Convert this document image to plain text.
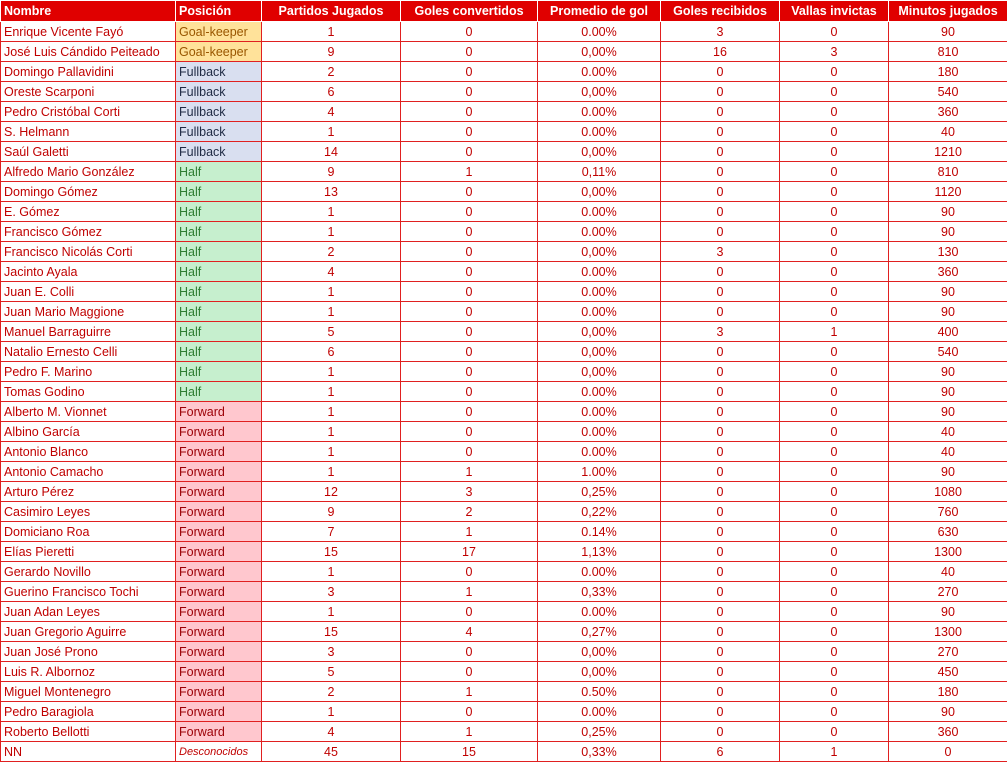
Nombre	Posición	Partidos Jugados	Goles convertidos	Promedio de gol	Goles recibidos	Vallas invictas	Minutos jugados
Enrique Vicente Fayó	Goal-keeper	1	0	0.00%	3	0	90
José Luis Cándido Peiteado	Goal-keeper	9	0	0,00%	16	3	810
Domingo Pallavidini	Fullback	2	0	0.00%	0	0	180
Oreste Scarponi	Fullback	6	0	0,00%	0	0	540
Pedro Cristóbal Corti	Fullback	4	0	0.00%	0	0	360
S. Helmann	Fullback	1	0	0.00%	0	0	40
Saúl Galetti	Fullback	14	0	0,00%	0	0	1210
Alfredo Mario González	Half	9	1	0,11%	0	0	810
Domingo Gómez	Half	13	0	0,00%	0	0	1120
E. Gómez	Half	1	0	0.00%	0	0	90
Francisco Gómez	Half	1	0	0.00%	0	0	90
Francisco Nicolás Corti	Half	2	0	0,00%	3	0	130
Jacinto Ayala	Half	4	0	0.00%	0	0	360
Juan E. Colli	Half	1	0	0.00%	0	0	90
Juan Mario Maggione	Half	1	0	0.00%	0	0	90
Manuel Barraguirre	Half	5	0	0,00%	3	1	400
Natalio Ernesto Celli	Half	6	0	0,00%	0	0	540
Pedro F. Marino	Half	1	0	0,00%	0	0	90
Tomas Godino	Half	1	0	0.00%	0	0	90
Alberto M. Vionnet	Forward	1	0	0.00%	0	0	90
Albino García	Forward	1	0	0.00%	0	0	40
Antonio Blanco	Forward	1	0	0.00%	0	0	40
Antonio Camacho	Forward	1	1	1.00%	0	0	90
Arturo Pérez	Forward	12	3	0,25%	0	0	1080
Casimiro Leyes	Forward	9	2	0,22%	0	0	760
Domiciano Roa	Forward	7	1	0.14%	0	0	630
Elías Pieretti	Forward	15	17	1,13%	0	0	1300
Gerardo Novillo	Forward	1	0	0.00%	0	0	40
Guerino Francisco Tochi	Forward	3	1	0,33%	0	0	270
Juan Adan Leyes	Forward	1	0	0.00%	0	0	90
Juan Gregorio Aguirre	Forward	15	4	0,27%	0	0	1300
Juan José Prono	Forward	3	0	0,00%	0	0	270
Luis R. Albornoz	Forward	5	0	0,00%	0	0	450
Miguel Montenegro	Forward	2	1	0.50%	0	0	180
Pedro Baragiola	Forward	1	0	0.00%	0	0	90
Roberto Bellotti	Forward	4	1	0,25%	0	0	360
NN	Desconocidos	45	15	0,33%	6	1	0
